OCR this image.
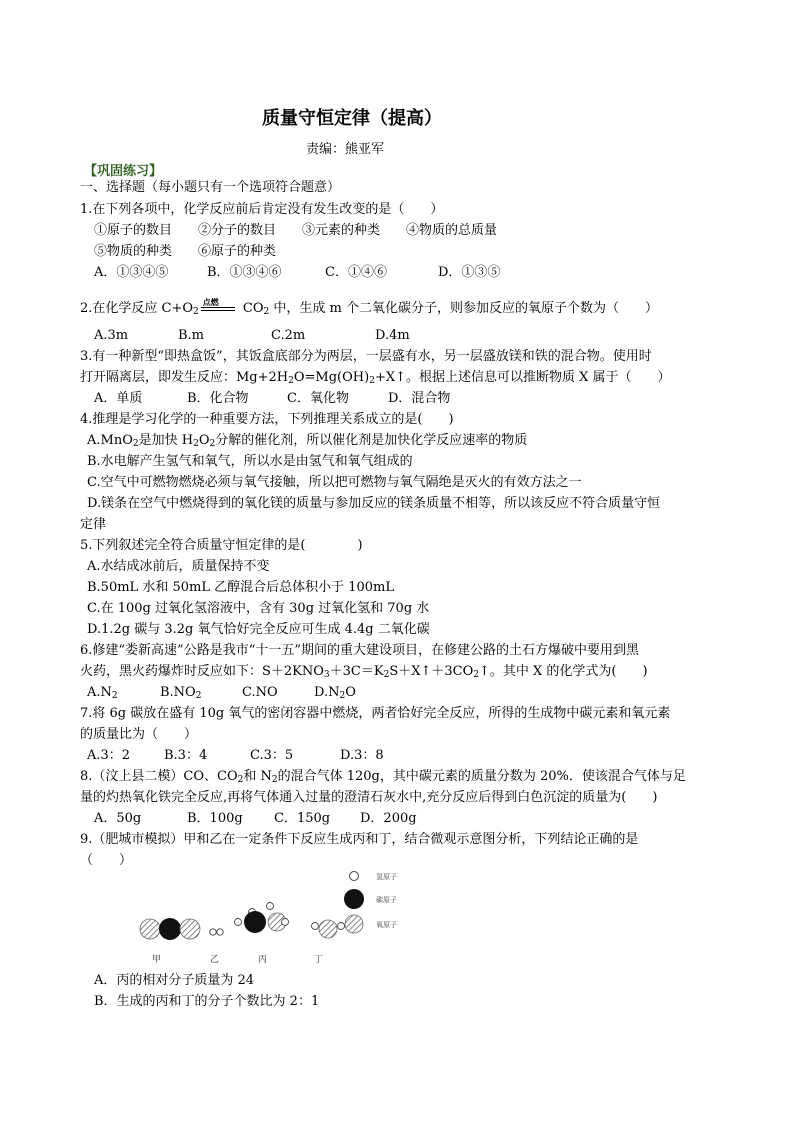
质量守恒定律（提高）
责编：熊亚军
【巩固练习】
一、选择题（每小题只有一个选项符合题意）
1.在下列各项中，化学反应前后肯定没有发生改变的是（　　）
①原子的数目　　②分子的数目　　③元素的种类　　④物质的总质量
⑤物质的种类　　⑥原子的种类
A．①③④⑤	B．①③④⑥	C．①④⑥	D．①③⑤
2.在化学反应 $C+O_2$
点燃 $CO_2$ 中，生成 m 个二氧化碳分子，则参加反应的氧原子个数为（　　）
A.3m	B.m	C.2m	D.4m
3.有一种新型“即热盒饭”，其饭盒底部分为两层，一层盛有水，另一层盛放镁和铁的混合物。使用时
打开隔离层，即发生反应：$Mg+2H_2O=Mg(OH)_2+X↑$。根据上述信息可以推断物质 X 属于（　　）
A．单质	B．化合物	C．氧化物	D．混合物
4.推理是学习化学的一种重要方法，下列推理关系成立的是(　　)
A.MnO$_2$是加快 $H_2O_2$分解的催化剂，所以催化剂是加快化学反应速率的物质
B.水电解产生氢气和氧气，所以水是由氢气和氧气组成的
C.空气中可燃物燃烧必须与氧气接触，所以把可燃物与氧气隔绝是灭火的有效方法之一
D.镁条在空气中燃烧得到的氧化镁的质量与参加反应的镁条质量不相等，所以该反应不符合质量守恒
定律
5.下列叙述完全符合质量守恒定律的是(　　　　)
A.水结成冰前后，质量保持不变
B.50mL 水和 50mL 乙醇混合后总体积小于 100mL
C.在 100g 过氧化氢溶液中，含有 30g 过氧化氢和 70g 水
D.1.2g 碳与 3.2g 氧气恰好完全反应可生成 4.4g 二氧化碳
6.修建“娄新高速”公路是我市“十一五”期间的重大建设项目，在修建公路的土石方爆破中要用到黑
火药，黑火药爆炸时反应如下：$S+2KNO_3+3C=K_2S+X↑+3CO_2↑$。其中 X 的化学式为(　　)
$A.N_2$	$B.NO_2$	C.NO	$D.N_2O$
7.将 6g 碳放在盛有 10g 氧气的密闭容器中燃烧，两者恰好完全反应，所得的生成物中碳元素和氧元素
的质量比为（　　）
A.3：2	B.3：4	C.3：5	D.3：8
8.（汶上县二模）CO、$CO_2$和 $N_2$的混合气体 120g，其中碳元素的质量分数为 20%．使该混合气体与足
量的灼热氧化铁完全反应,再将气体通入过量的澄清石灰水中,充分反应后得到白色沉淀的质量为(　　)
A．50g	B．100g C．150g D．200g
9.（肥城市模拟）甲和乙在一定条件下反应生成丙和丁，结合微观示意图分析，下列结论正确的是
（　　）
氢原子
碳原子
氧原子
甲	乙	丙	丁
A．丙的相对分子质量为 24
B．生成的丙和丁的分子个数比为 2：1
